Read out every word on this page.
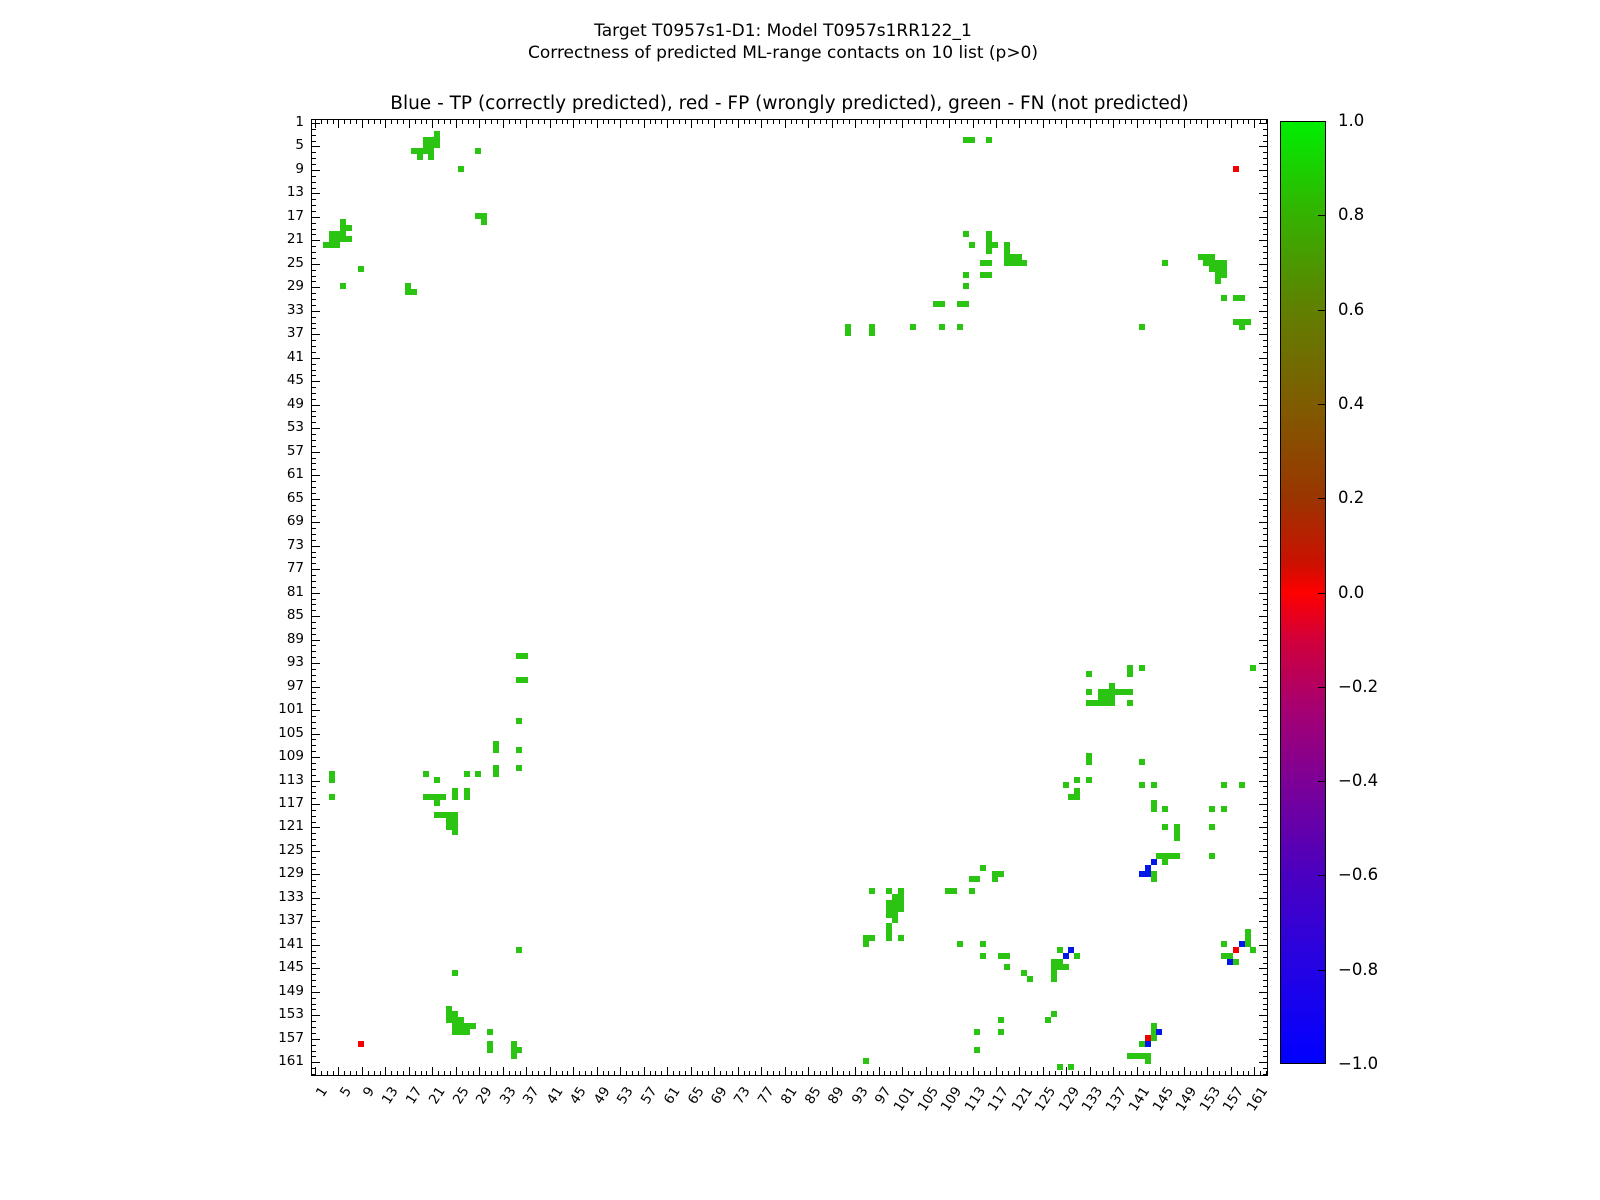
Target T0957s1-D1: Model T0957s1RR122_1
Correctness of predicted ML-range contacts on 10 list (p>0)
Blue - TP (correctly predicted), red - FP (wrongly predicted), green - FN (not predicted)
1
5
9
13
17
21
25
29
33
37
41
45
49
53
57
61
65
69
73
77
81
85
89
93
97
101
105
109
113
117
121
125
129
133
137
141
145
149
153
157
161
1 5 9 13 17 21 25 29 33 37 41 45 49 53 57 61 65 69 73 77 81 85 89 93 97
101
105
109
113
117
121
125
129
133
137
141
145
149
153
157
161
1.0
0.8
0.6
0.4
0.2
0.0
−0.2
−0.4
−0.6
−0.8
−1.0
